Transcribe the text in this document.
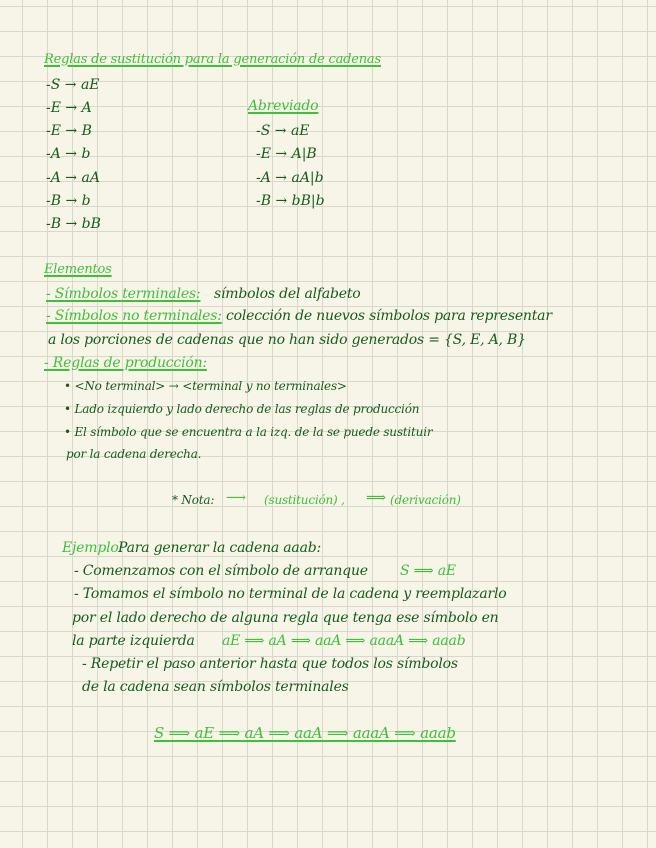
Reglas de sustitución para la generación de cadenas
-S → aE
-E → A
-E → B
-A → b
-A → aA
-B → b
-B → bB
Abreviado
-S → aE
-E → A|B
-A → aA|b
-B → bB|b
Elementos
- Símbolos terminales: símbolos del alfabeto
- Símbolos no terminales: colección de nuevos símbolos para representar
a los porciones de cadenas que no han sido generados = {S, E, A, B}
- Reglas de producción:
• <No terminal> → <terminal y no terminales>
• Lado izquierdo y lado derecho de las reglas de producción
• El símbolo que se encuentra a la izq. de la se puede sustituir
por la cadena derecha.
* Nota: ⟶ (sustitución) , ⟹ (derivación)
Ejemplo:
Para generar la cadena aaab:
- Comenzamos con el símbolo de arranque S ⟹ aE
- Tomamos el símbolo no terminal de la cadena y reemplazarlo
por el lado derecho de alguna regla que tenga ese símbolo en
la parte izquierda aE ⟹ aA ⟹ aaA ⟹ aaaA ⟹ aaab
- Repetir el paso anterior hasta que todos los símbolos
de la cadena sean símbolos terminales
S ⟹ aE ⟹ aA ⟹ aaA ⟹ aaaA ⟹ aaab
